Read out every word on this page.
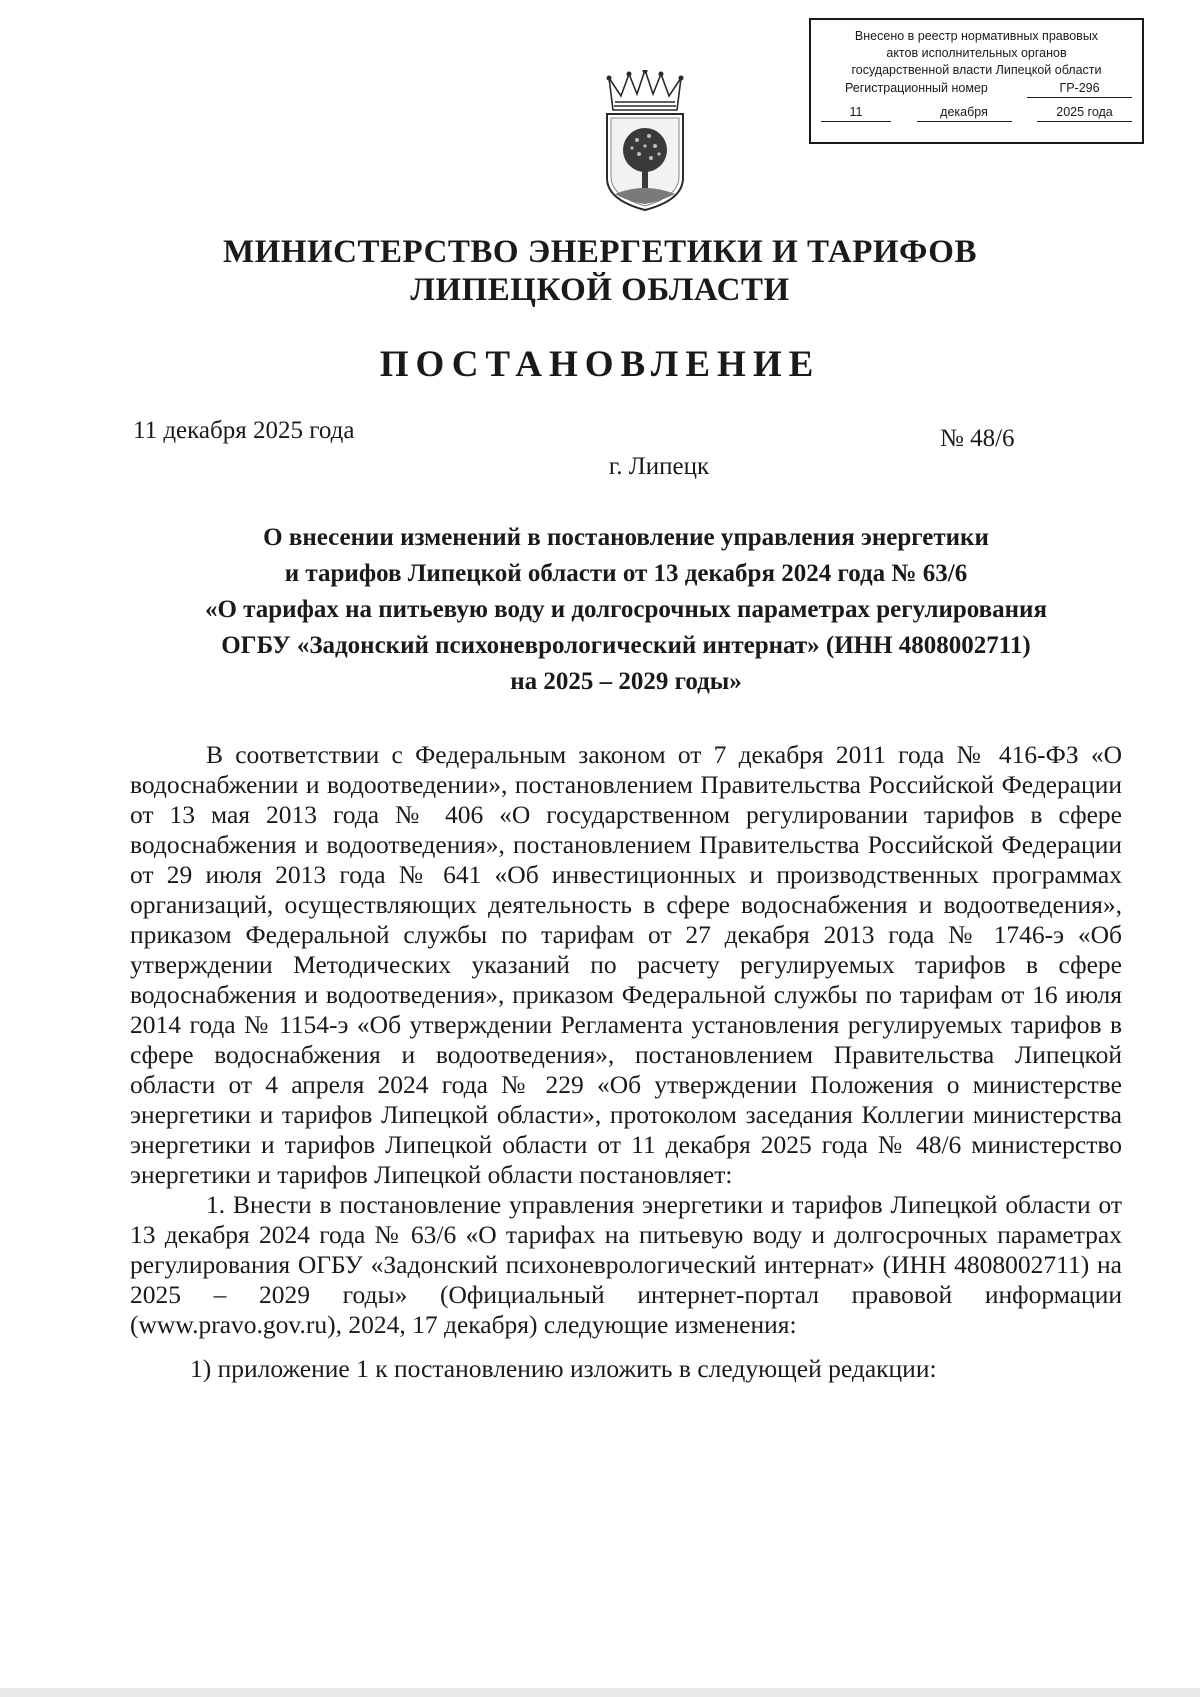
Внесено в реестр нормативных правовых
актов исполнительных органов
государственной власти Липецкой области
Регистрационный номер	ГР-296
11	декабря	2025 года
МИНИСТЕРСТВО ЭНЕРГЕТИКИ И ТАРИФОВ
ЛИПЕЦКОЙ ОБЛАСТИ
ПОСТАНОВЛЕНИЕ
11 декабря 2025 года	№ 48/6
г. Липецк
О внесении изменений в постановление управления энергетики
и тарифов Липецкой области от 13 декабря 2024 года № 63/6
«О тарифах на питьевую воду и долгосрочных параметрах регулирования
ОГБУ «Задонский психоневрологический интернат» (ИНН 4808002711)
на 2025 – 2029 годы»

В соответствии с Федеральным законом от 7 декабря 2011 года № 416-ФЗ «О водоснабжении и водоотведении», постановлением Правительства Российской Федерации от 13 мая 2013 года № 406 «О государственном регулировании тарифов в сфере водоснабжения и водоотведения», постановлением Правительства Российской Федерации от 29 июля 2013 года № 641 «Об инвестиционных и производственных программах организаций, осуществляющих деятельность в сфере водоснабжения и водоотведения», приказом Федеральной службы по тарифам от 27 декабря 2013 года № 1746-э «Об утверждении Методических указаний по расчету регулируемых тарифов в сфере водоснабжения и водоотведения», приказом Федеральной службы по тарифам от 16 июля 2014 года № 1154-э «Об утверждении Регламента установления регулируемых тарифов в сфере водоснабжения и водоотведения», постановлением Правительства Липецкой области от 4 апреля 2024 года № 229 «Об утверждении Положения о министерстве энергетики и тарифов Липецкой области», протоколом заседания Коллегии министерства энергетики и тарифов Липецкой области от 11 декабря 2025 года № 48/6 министерство энергетики и тарифов Липецкой области постановляет:

1. Внести в постановление управления энергетики и тарифов Липецкой области от 13 декабря 2024 года № 63/6 «О тарифах на питьевую воду и долгосрочных параметрах регулирования ОГБУ «Задонский психоневрологический интернат» (ИНН 4808002711) на 2025 – 2029 годы» (Официальный интернет-портал правовой информации (www.pravo.gov.ru), 2024, 17 декабря) следующие изменения:

1) приложение 1 к постановлению изложить в следующей редакции:
